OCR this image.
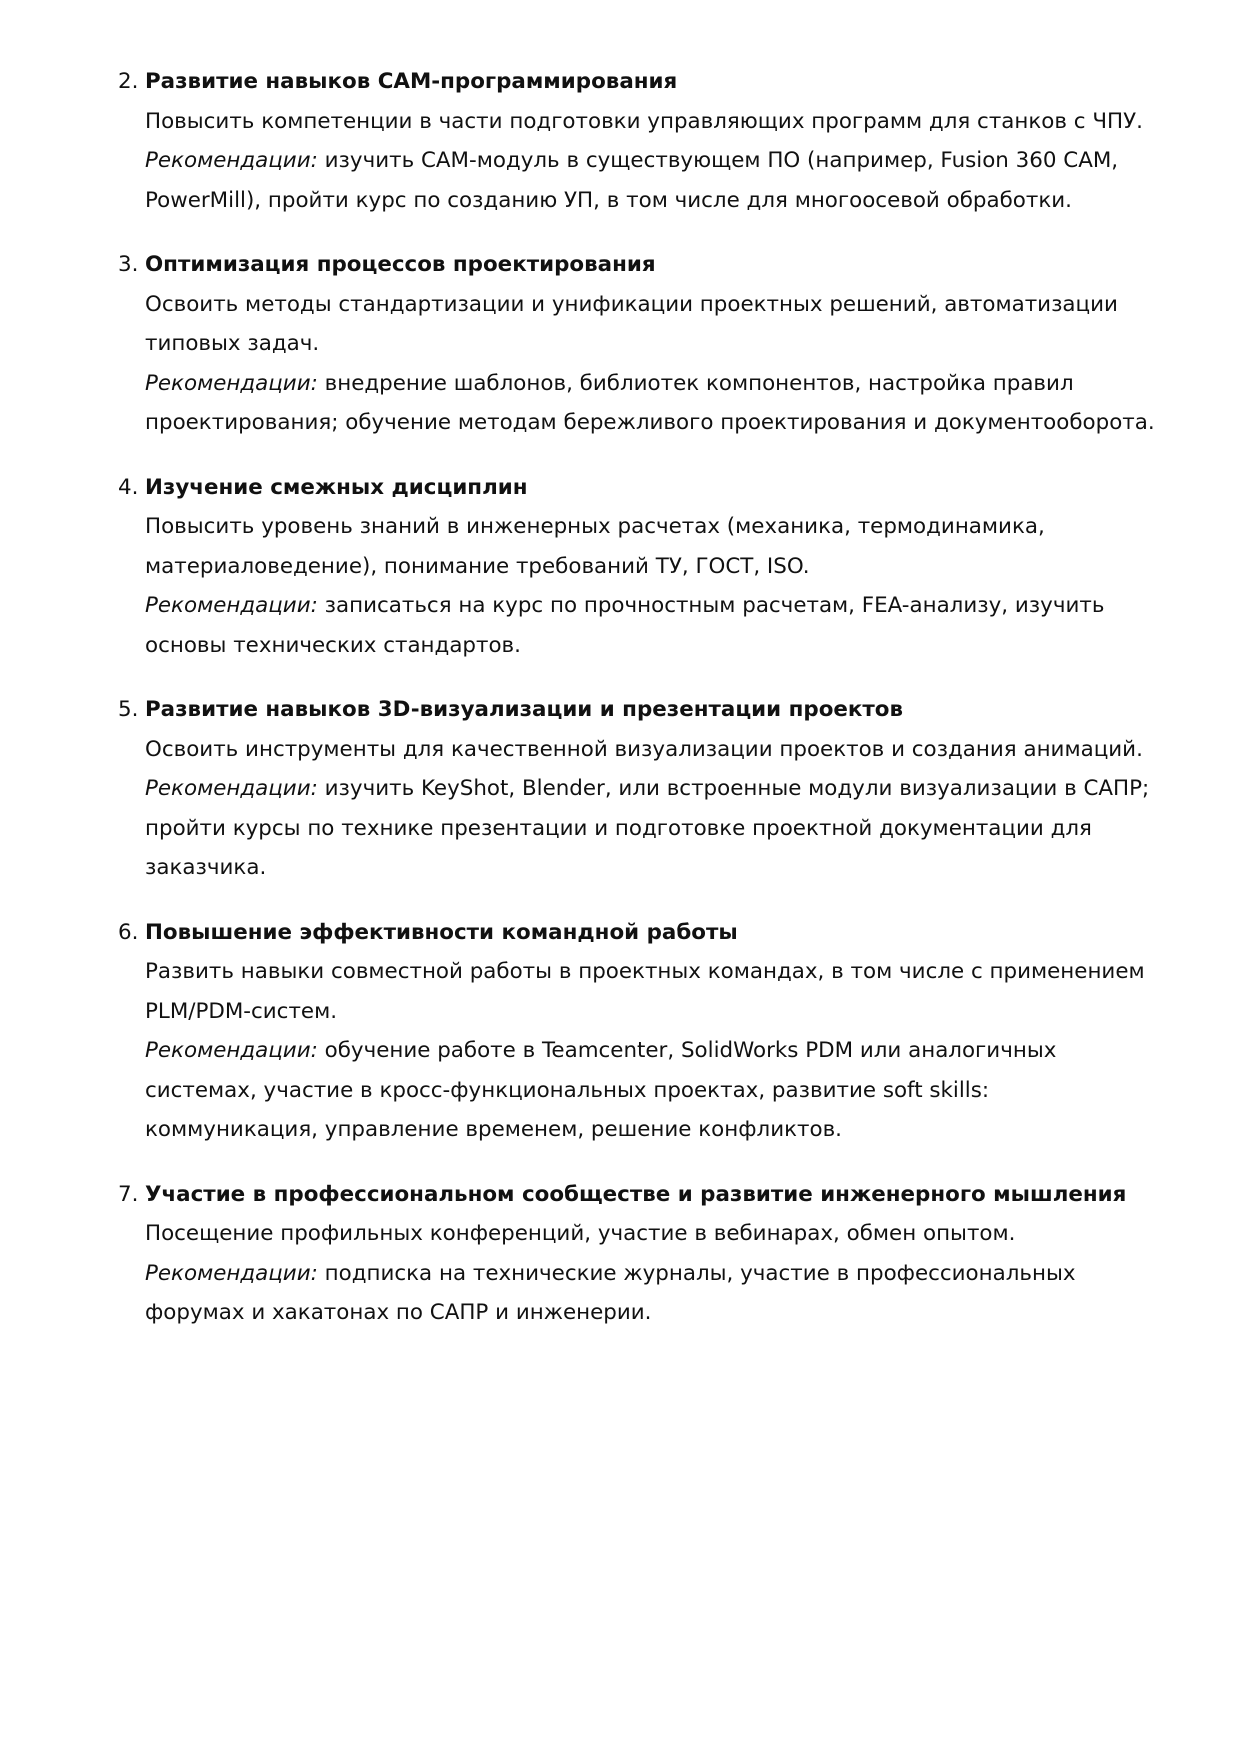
2. Развитие навыков CAM-программирования
Повысить компетенции в части подготовки управляющих программ для станков с ЧПУ.
Рекомендации: изучить CAM-модуль в существующем ПО (например, Fusion 360 CAM, PowerMill), пройти курс по созданию УП, в том числе для многоосевой обработки.
3. Оптимизация процессов проектирования
Освоить методы стандартизации и унификации проектных решений, автоматизации типовых задач.
Рекомендации: внедрение шаблонов, библиотек компонентов, настройка правил проектирования; обучение методам бережливого проектирования и документооборота.
4. Изучение смежных дисциплин
Повысить уровень знаний в инженерных расчетах (механика, термодинамика, материаловедение), понимание требований ТУ, ГОСТ, ISO.
Рекомендации: записаться на курс по прочностным расчетам, FEA-анализу, изучить основы технических стандартов.
5. Развитие навыков 3D-визуализации и презентации проектов
Освоить инструменты для качественной визуализации проектов и создания анимаций.
Рекомендации: изучить KeyShot, Blender, или встроенные модули визуализации в САПР; пройти курсы по технике презентации и подготовке проектной документации для заказчика.
6. Повышение эффективности командной работы
Развить навыки совместной работы в проектных командах, в том числе с применением PLM/PDM-систем.
Рекомендации: обучение работе в Teamcenter, SolidWorks PDM или аналогичных системах, участие в кросс-функциональных проектах, развитие soft skills: коммуникация, управление временем, решение конфликтов.
7. Участие в профессиональном сообществе и развитие инженерного мышления
Посещение профильных конференций, участие в вебинарах, обмен опытом.
Рекомендации: подписка на технические журналы, участие в профессиональных форумах и хакатонах по САПР и инженерии.
